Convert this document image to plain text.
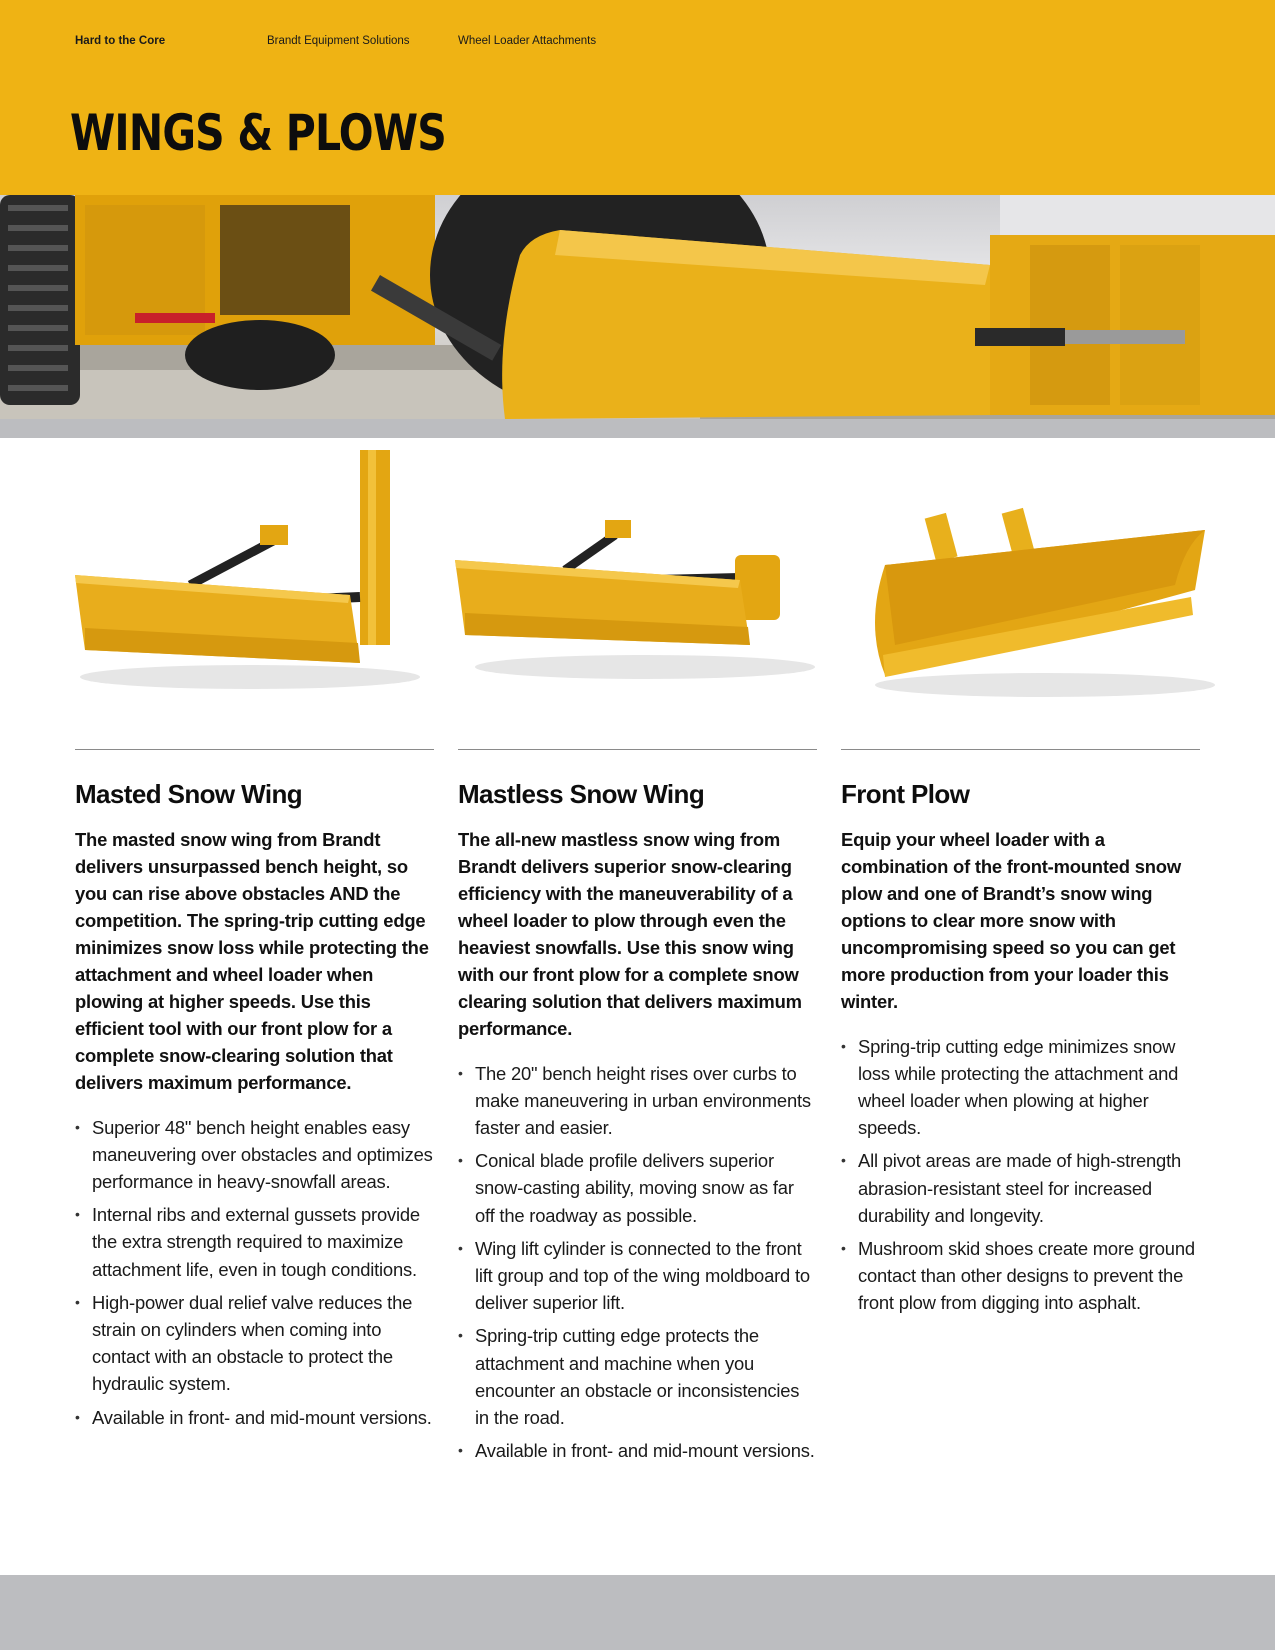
Hard to the Core	Brandt Equipment Solutions	Wheel Loader Attachments
WINGS & PLOWS
Masted Snow Wing

The masted snow wing from Brandt delivers unsurpassed bench height, so you can rise above obstacles AND the competition. The spring-trip cutting edge minimizes snow loss while protecting the attachment and wheel loader when plowing at higher speeds. Use this efficient tool with our front plow for a complete snow-clearing solution that delivers maximum performance.

• Superior 48" bench height enables easy maneuvering over obstacles and optimizes performance in heavy-snowfall areas.
• Internal ribs and external gussets provide the extra strength required to maximize attachment life, even in tough conditions.
• High-power dual relief valve reduces the strain on cylinders when coming into contact with an obstacle to protect the hydraulic system.
• Available in front- and mid-mount versions.
Mastless Snow Wing

The all-new mastless snow wing from Brandt delivers superior snow-clearing efficiency with the maneuverability of a wheel loader to plow through even the heaviest snowfalls. Use this snow wing with our front plow for a complete snow clearing solution that delivers maximum performance.

• The 20" bench height rises over curbs to make maneuvering in urban environments faster and easier.
• Conical blade profile delivers superior snow-casting ability, moving snow as far off the roadway as possible.
• Wing lift cylinder is connected to the front lift group and top of the wing moldboard to deliver superior lift.
• Spring-trip cutting edge protects the attachment and machine when you encounter an obstacle or inconsistencies in the road.
• Available in front- and mid-mount versions.
Front Plow

Equip your wheel loader with a combination of the front-mounted snow plow and one of Brandt’s snow wing options to clear more snow with uncompromising speed so you can get more production from your loader this winter.

• Spring-trip cutting edge minimizes snow loss while protecting the attachment and wheel loader when plowing at higher speeds.
• All pivot areas are made of high-strength abrasion-resistant steel for increased durability and longevity.
• Mushroom skid shoes create more ground contact than other designs to prevent the front plow from digging into asphalt.
